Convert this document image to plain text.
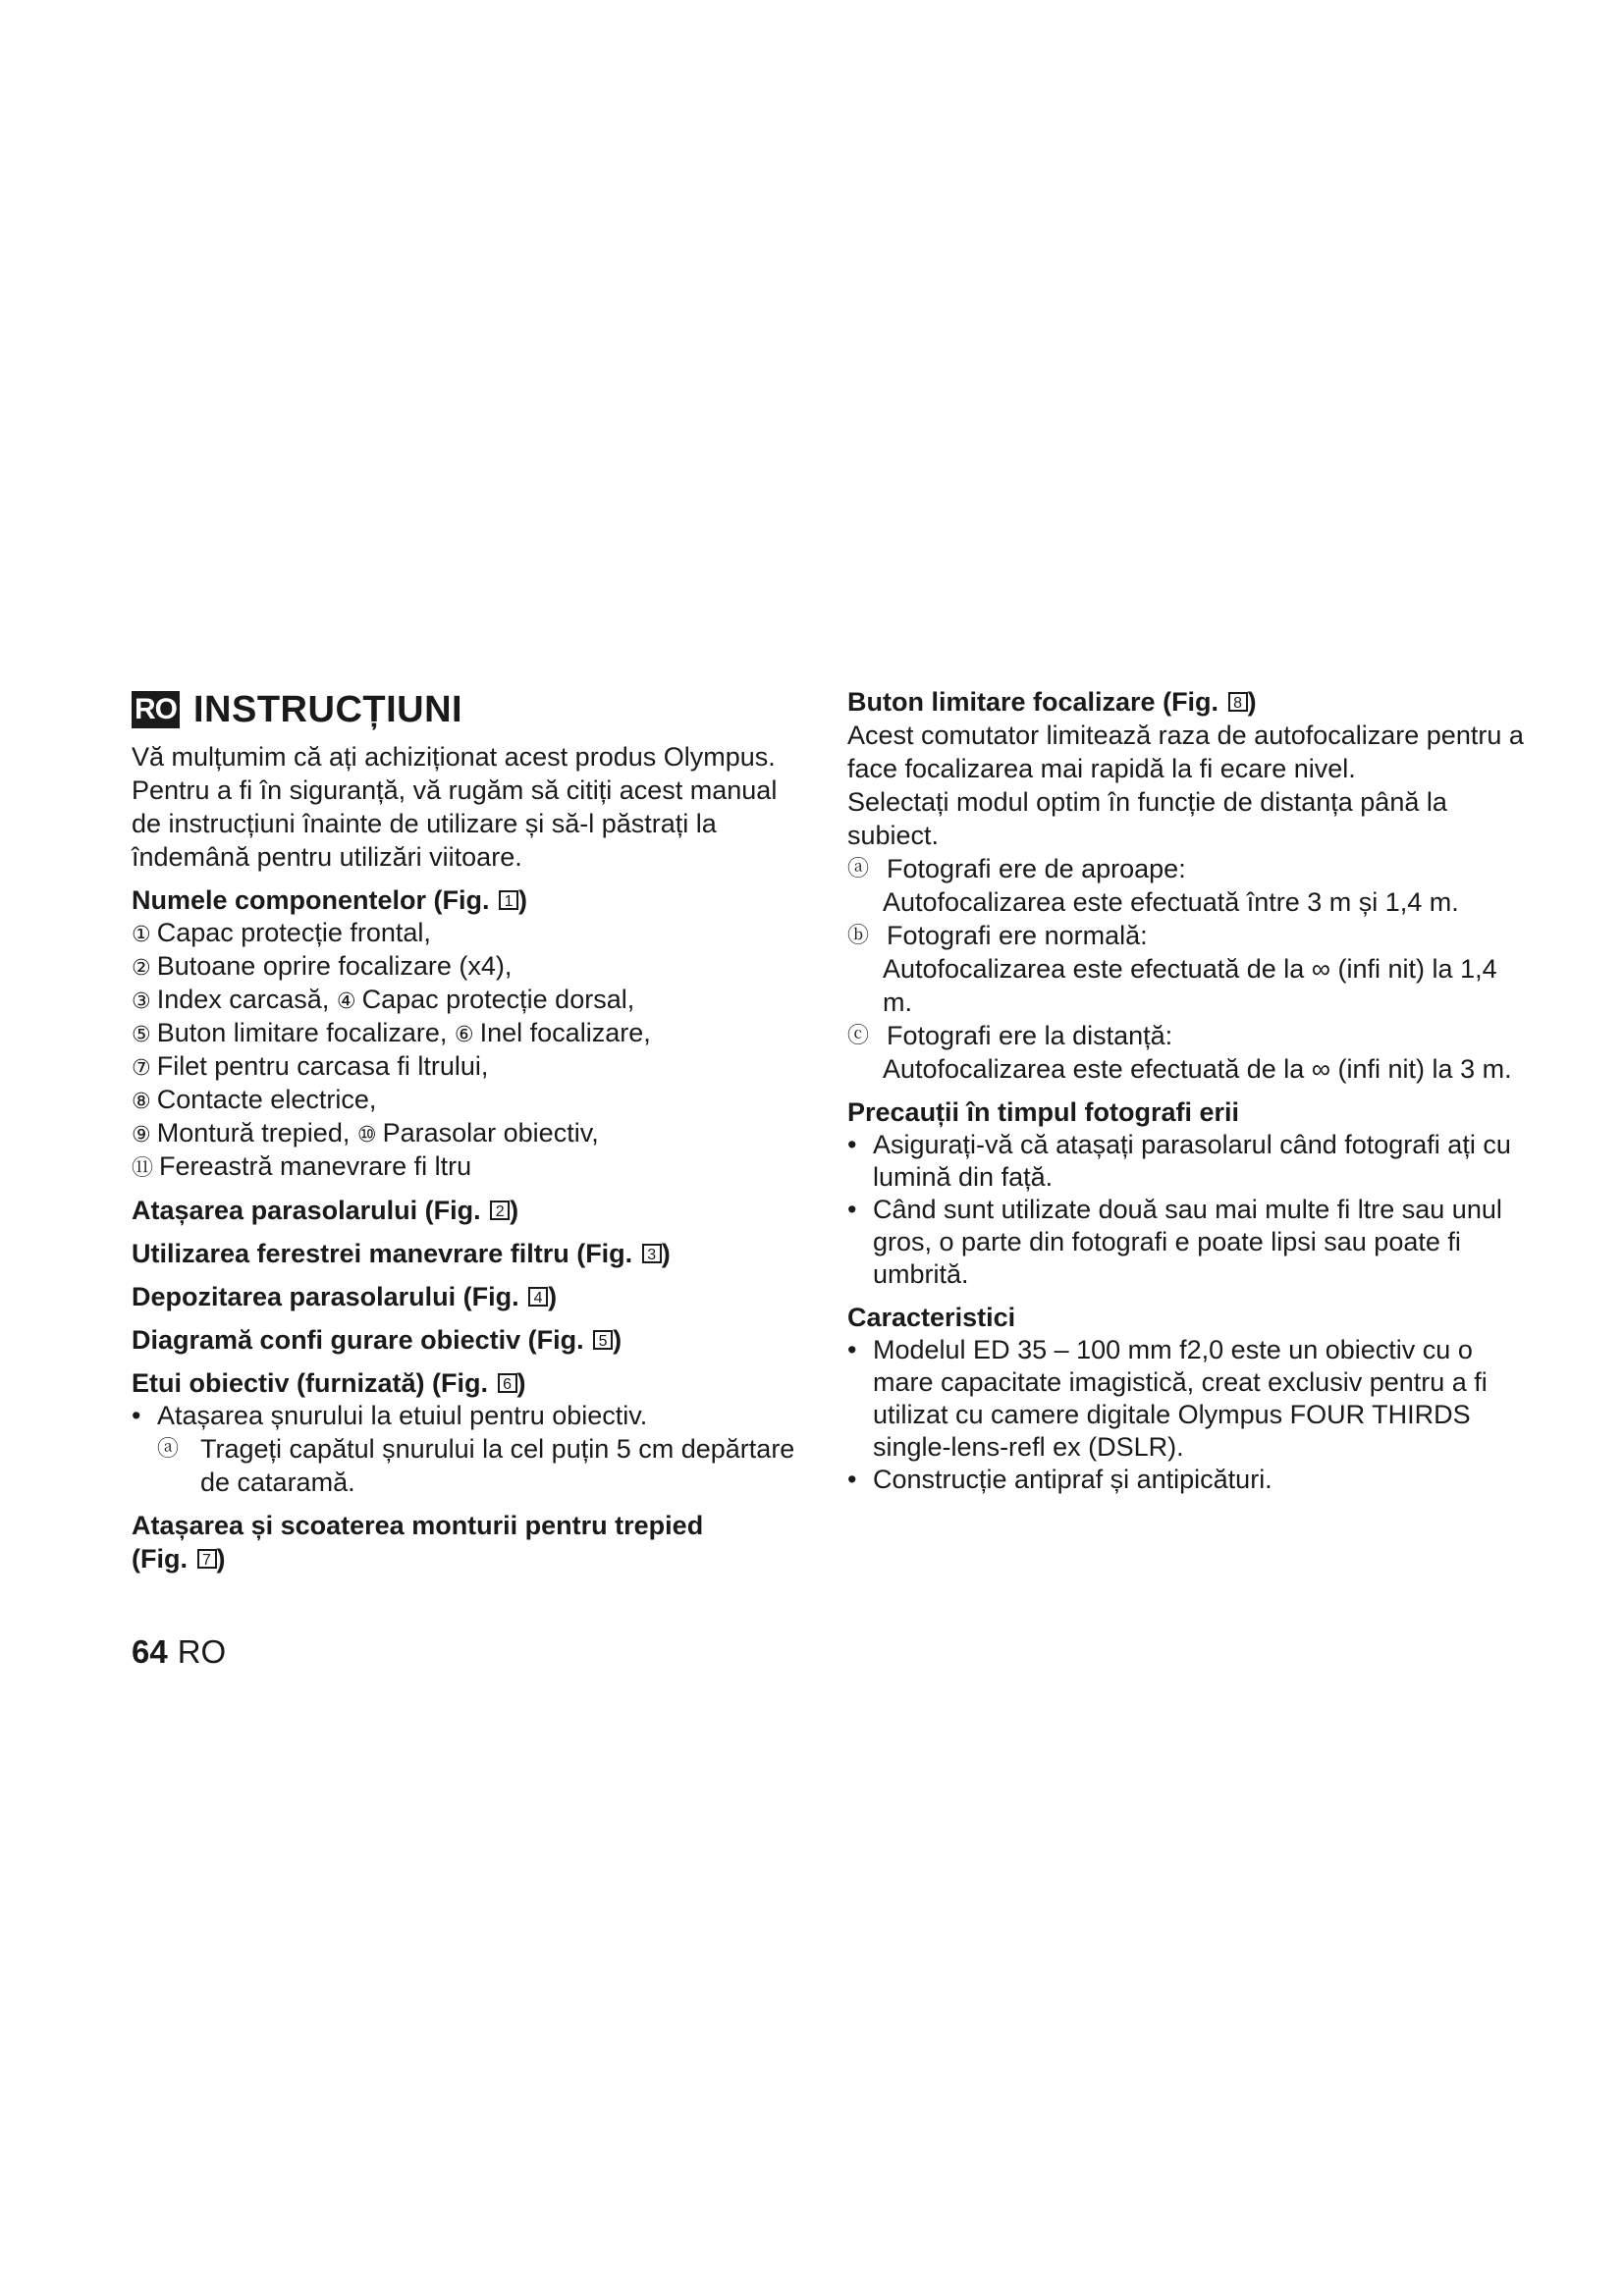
RO INSTRUCȚIUNI

Vă mulțumim că ați achiziționat acest produs Olympus. Pentru a fi în siguranță, vă rugăm să citiți acest manual de instrucțiuni înainte de utilizare și să-l păstrați la îndemână pentru utilizări viitoare.

Numele componentelor (Fig. 1 )

① Capac protecție frontal,
② Butoane oprire focalizare (x4),
③ Index carcasă, ④ Capac protecție dorsal,
⑤ Buton limitare focalizare, ⑥ Inel focalizare,
⑦ Filet pentru carcasa fi ltrului,
⑧ Contacte electrice,
⑨ Montură trepied, ⑩ Parasolar obiectiv,
⑪ Fereastră manevrare fi ltru

Atașarea parasolarului (Fig. 2 )

Utilizarea ferestrei manevrare filtru (Fig. 3 )

Depozitarea parasolarului (Fig. 4 )

Diagramă confi gurare obiectiv (Fig. 5 )

Etui obiectiv (furnizată) (Fig. 6 )

• Atașarea șnurului la etuiul pentru obiectiv.
ⓐ Trageți capătul șnurului la cel puțin 5 cm depărtare de cataramă.

Atașarea și scoaterea monturii pentru trepied
(Fig. 7 )

Buton limitare focalizare (Fig. 8 )

Acest comutator limitează raza de autofocalizare pentru a face focalizarea mai rapidă la fi ecare nivel.

Selectați modul optim în funcție de distanța până la subiect.

ⓐ Fotografi ere de aproape:
Autofocalizarea este efectuată între 3 m și 1,4 m.
ⓑ Fotografi ere normală:
Autofocalizarea este efectuată de la ∞ (infi nit) la 1,4 m.
ⓒ Fotografi ere la distanță:
Autofocalizarea este efectuată de la ∞ (infi nit) la 3 m.

Precauții în timpul fotografi erii

• Asigurați-vă că atașați parasolarul când fotografi ați cu lumină din față.
• Când sunt utilizate două sau mai multe fi ltre sau unul gros, o parte din fotografi e poate lipsi sau poate fi umbrită.

Caracteristici

• Modelul ED 35 – 100 mm f2,0 este un obiectiv cu o mare capacitate imagistică, creat exclusiv pentru a fi utilizat cu camere digitale Olympus FOUR THIRDS single-lens-refl ex (DSLR).
• Construcție antipraf și antipicături.
64 RO
